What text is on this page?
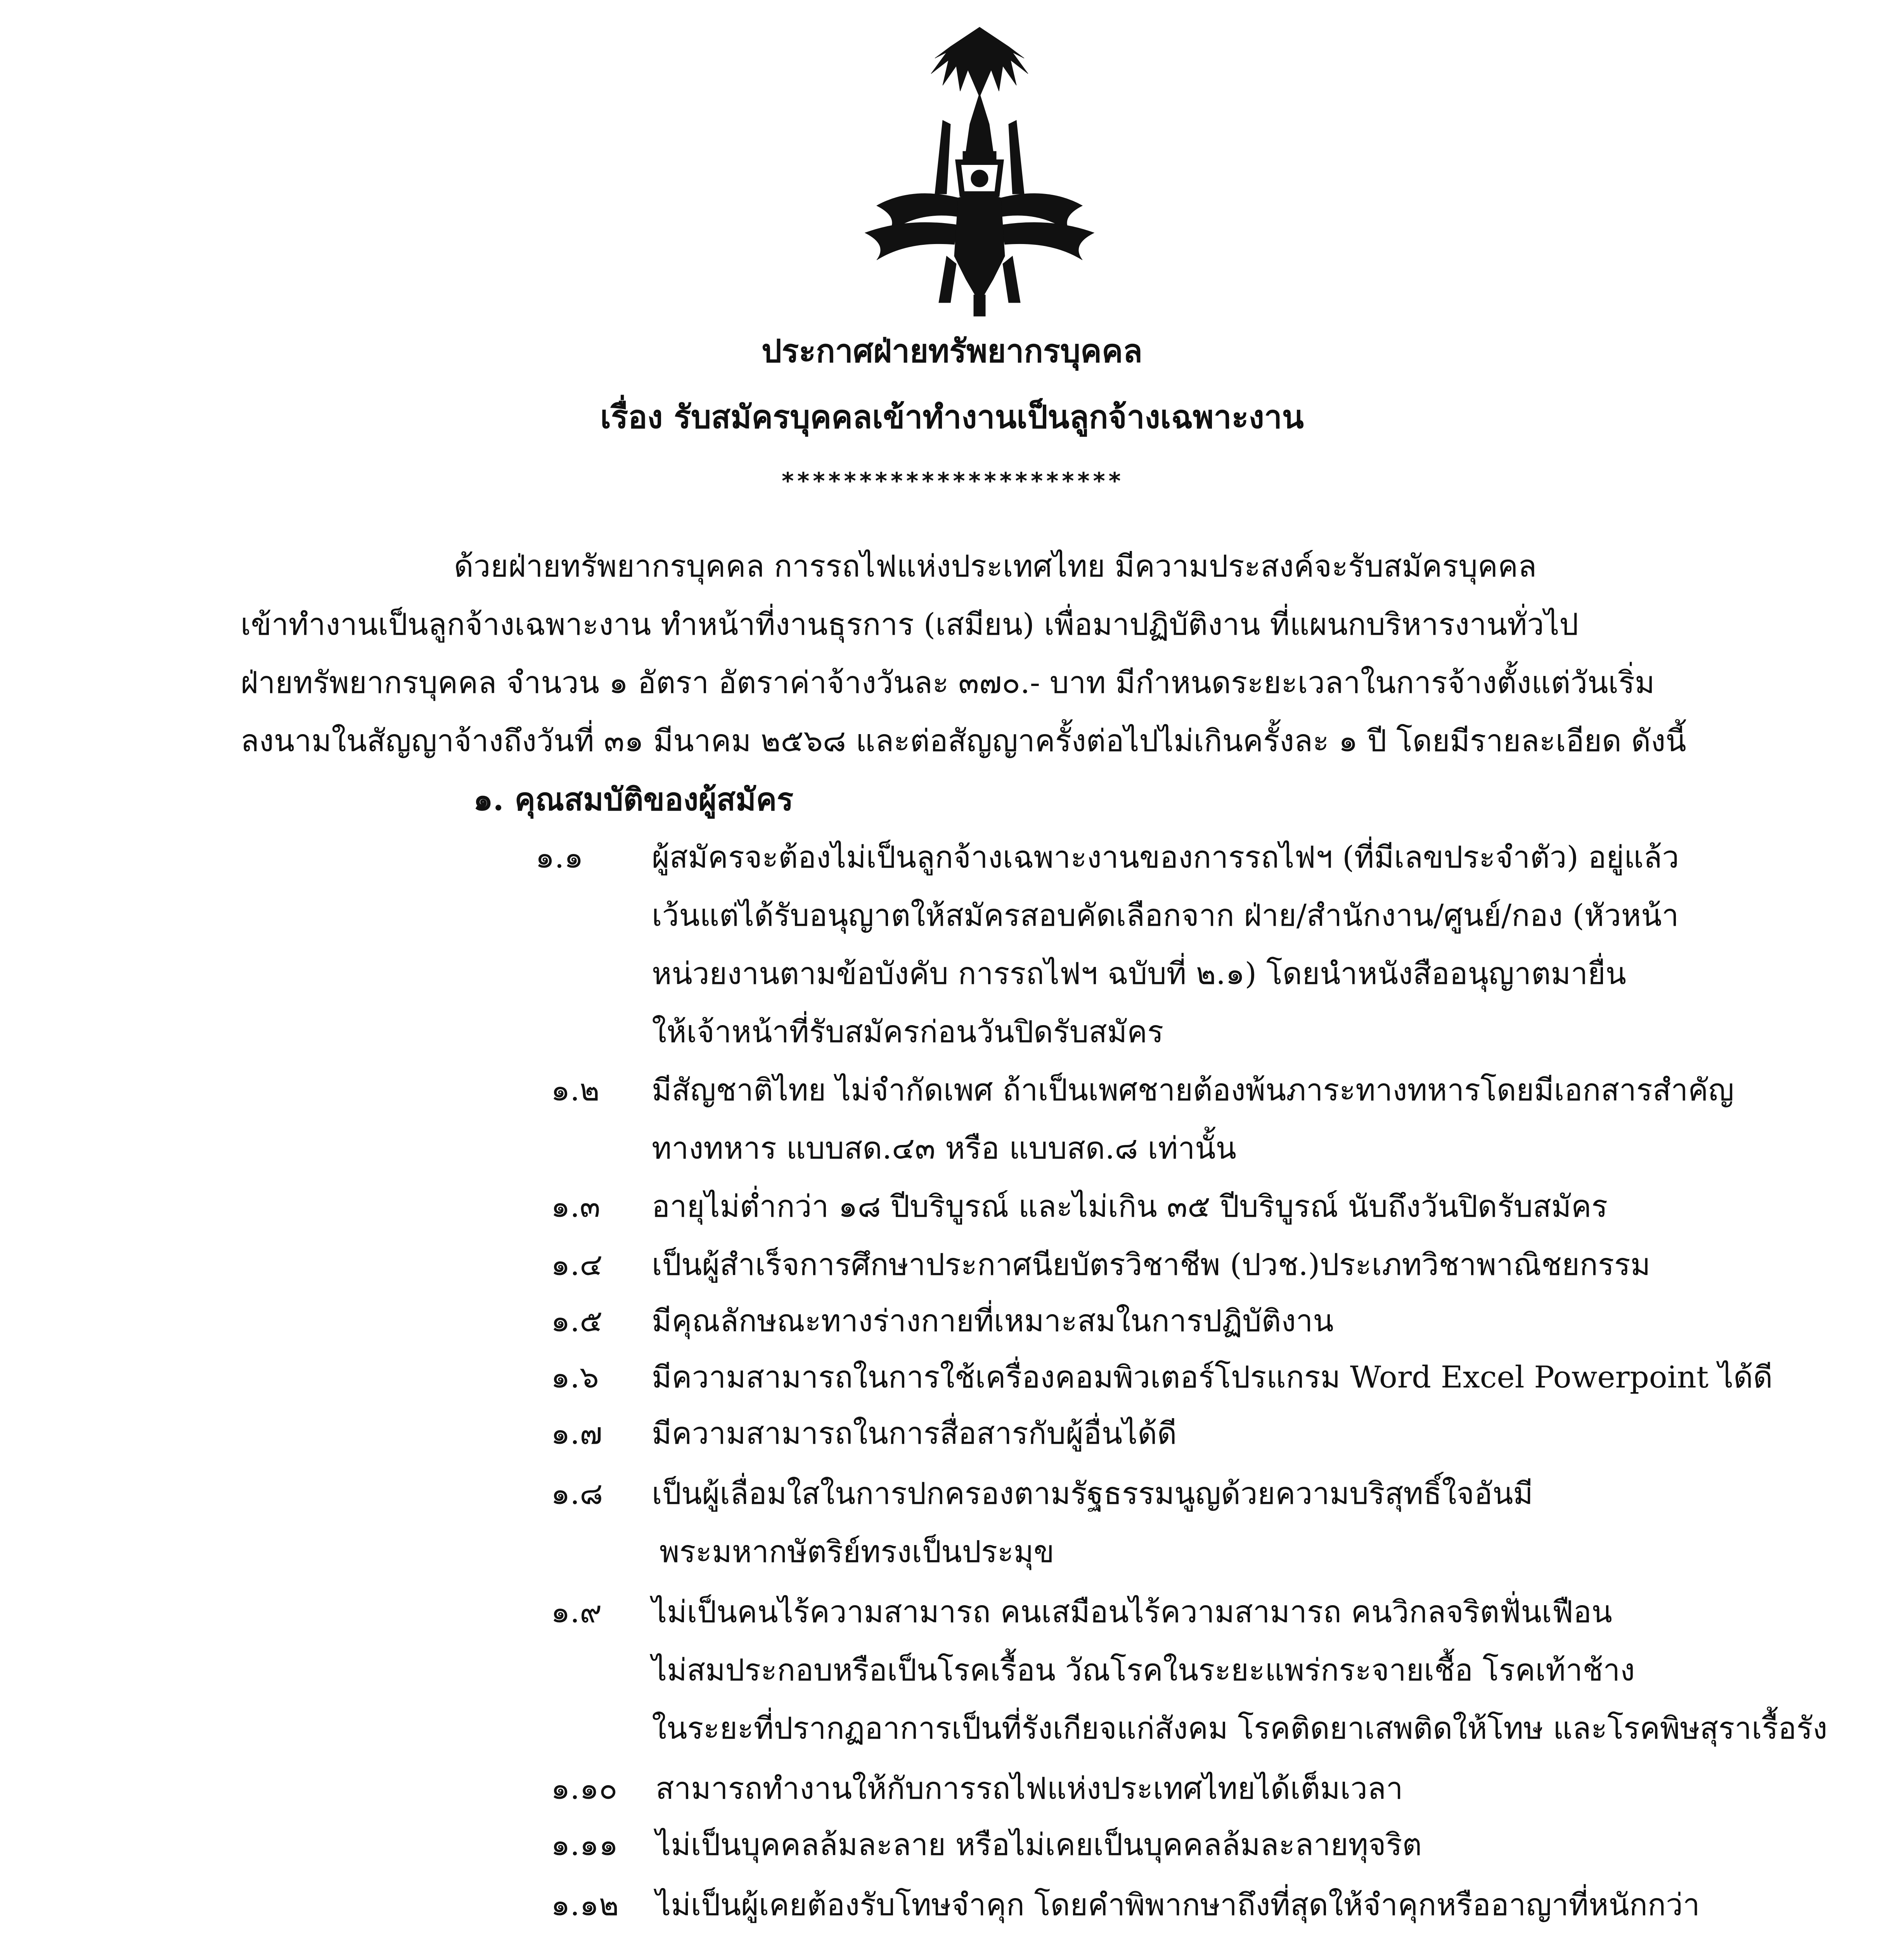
ประกาศฝ่ายทรัพยากรบุคคล
เรื่อง รับสมัครบุคคลเข้าทำงานเป็นลูกจ้างเฉพาะงาน
**********************
ด้วยฝ่ายทรัพยากรบุคคล การรถไฟแห่งประเทศไทย มีความประสงค์จะรับสมัครบุคคล
เข้าทำงานเป็นลูกจ้างเฉพาะงาน ทำหน้าที่งานธุรการ (เสมียน) เพื่อมาปฏิบัติงาน ที่แผนกบริหารงานทั่วไป
ฝ่ายทรัพยากรบุคคล จำนวน ๑ อัตรา อัตราค่าจ้างวันละ ๓๗๐.- บาท มีกำหนดระยะเวลาในการจ้างตั้งแต่วันเริ่ม
ลงนามในสัญญาจ้างถึงวันที่ ๓๑ มีนาคม ๒๕๖๘ และต่อสัญญาครั้งต่อไปไม่เกินครั้งละ ๑ ปี โดยมีรายละเอียด ดังนี้
๑. คุณสมบัติของผู้สมัคร
๑.๑ ผู้สมัครจะต้องไม่เป็นลูกจ้างเฉพาะงานของการรถไฟฯ (ที่มีเลขประจำตัว) อยู่แล้ว
เว้นแต่ได้รับอนุญาตให้สมัครสอบคัดเลือกจาก ฝ่าย/สำนักงาน/ศูนย์/กอง (หัวหน้า
หน่วยงานตามข้อบังคับ การรถไฟฯ ฉบับที่ ๒.๑) โดยนำหนังสืออนุญาตมายื่น
ให้เจ้าหน้าที่รับสมัครก่อนวันปิดรับสมัคร
๑.๒ มีสัญชาติไทย ไม่จำกัดเพศ ถ้าเป็นเพศชายต้องพ้นภาระทางทหารโดยมีเอกสารสำคัญ
ทางทหาร แบบสด.๔๓ หรือ แบบสด.๘ เท่านั้น
๑.๓ อายุไม่ต่ำกว่า ๑๘ ปีบริบูรณ์ และไม่เกิน ๓๕ ปีบริบูรณ์ นับถึงวันปิดรับสมัคร
๑.๔ เป็นผู้สำเร็จการศึกษาประกาศนียบัตรวิชาชีพ (ปวช.)ประเภทวิชาพาณิชยกรรม
๑.๕ มีคุณลักษณะทางร่างกายที่เหมาะสมในการปฏิบัติงาน
๑.๖ มีความสามารถในการใช้เครื่องคอมพิวเตอร์โปรแกรม Word Excel Powerpoint ได้ดี
๑.๗ มีความสามารถในการสื่อสารกับผู้อื่นได้ดี
๑.๘ เป็นผู้เลื่อมใสในการปกครองตามรัฐธรรมนูญด้วยความบริสุทธิ์ใจอันมี
พระมหากษัตริย์ทรงเป็นประมุข
๑.๙ ไม่เป็นคนไร้ความสามารถ คนเสมือนไร้ความสามารถ คนวิกลจริตฟั่นเฟือน
ไม่สมประกอบหรือเป็นโรคเรื้อน วัณโรคในระยะแพร่กระจายเชื้อ โรคเท้าช้าง
ในระยะที่ปรากฏอาการเป็นที่รังเกียจแก่สังคม โรคติดยาเสพติดให้โทษ และโรคพิษสุราเรื้อรัง
๑.๑๐ สามารถทำงานให้กับการรถไฟแห่งประเทศไทยได้เต็มเวลา
๑.๑๑ ไม่เป็นบุคคลล้มละลาย หรือไม่เคยเป็นบุคคลล้มละลายทุจริต
๑.๑๒ ไม่เป็นผู้เคยต้องรับโทษจำคุก โดยคำพิพากษาถึงที่สุดให้จำคุกหรืออาญาที่หนักกว่า
